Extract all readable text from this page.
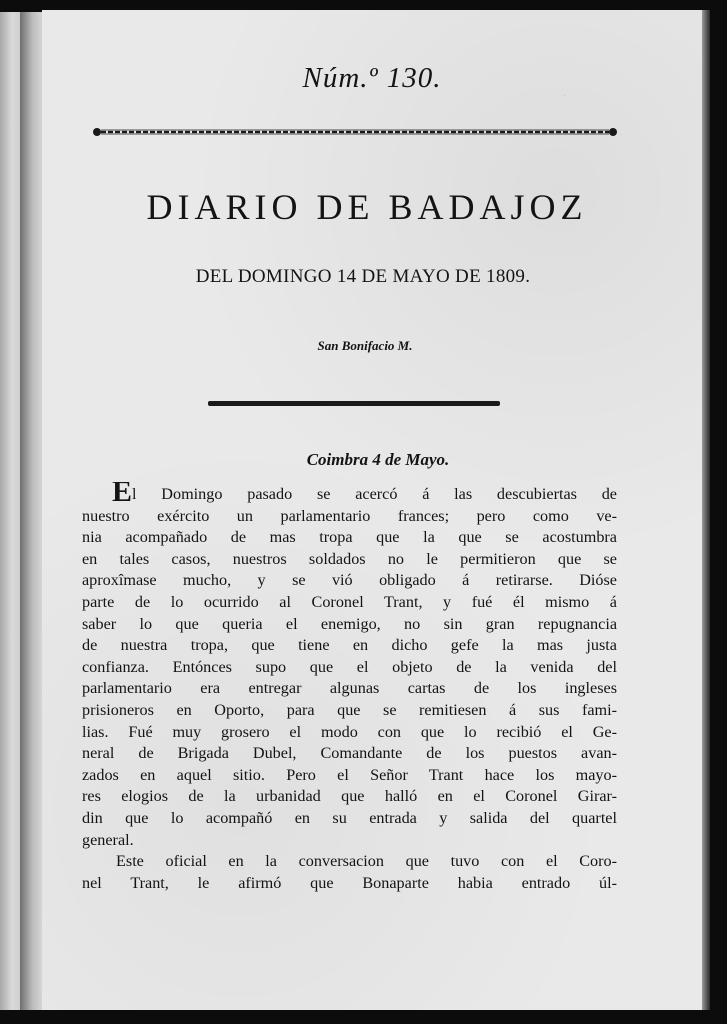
·
Núm.º 130.
DIARIO DE BADAJOZ
DEL DOMINGO 14 DE MAYO DE 1809.
San Bonifacio M.
Coimbra 4 de Mayo.

El Domingo pasado se acercó á las descubiertas de
nuestro exército un parlamentario frances; pero como ve-
nia acompañado de mas tropa que la que se acostumbra
en tales casos, nuestros soldados no le permitieron que se
aproxîmase mucho, y se vió obligado á retirarse. Dióse
parte de lo ocurrido al Coronel Trant, y fué él mismo á
saber lo que queria el enemigo, no sin gran repugnancia
de nuestra tropa, que tiene en dicho gefe la mas justa
confianza. Entónces supo que el objeto de la venida del
parlamentario era entregar algunas cartas de los ingleses
prisioneros en Oporto, para que se remitiesen á sus fami-
lias. Fué muy grosero el modo con que lo recibió el Ge-
neral de Brigada Dubel, Comandante de los puestos avan-
zados en aquel sitio. Pero el Señor Trant hace los mayo-
res elogios de la urbanidad que halló en el Coronel Girar-
din que lo acompañó en su entrada y salida del quartel
general.

Este oficial en la conversacion que tuvo con el Coro-
nel Trant, le afirmó que Bonaparte habia entrado úl-
